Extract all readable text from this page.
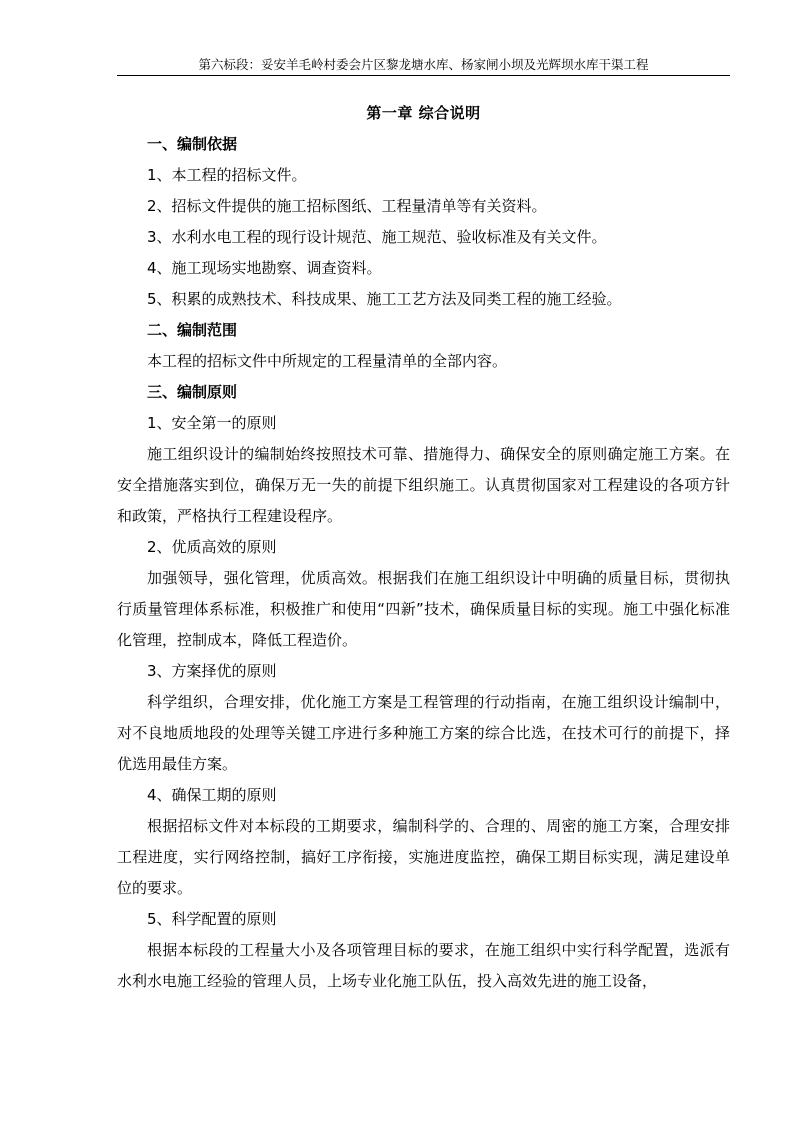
第六标段：妥安羊毛岭村委会片区黎龙塘水库、杨家闸小坝及光辉坝水库干渠工程
第一章 综合说明
一、编制依据
1、本工程的招标文件。
2、招标文件提供的施工招标图纸、工程量清单等有关资料。
3、水利水电工程的现行设计规范、施工规范、验收标准及有关文件。
4、施工现场实地勘察、调查资料。
5、积累的成熟技术、科技成果、施工工艺方法及同类工程的施工经验。
二、编制范围
本工程的招标文件中所规定的工程量清单的全部内容。
三、编制原则
1、安全第一的原则
施工组织设计的编制始终按照技术可靠、措施得力、确保安全的原则确定施工方案。在安全措施落实到位，确保万无一失的前提下组织施工。认真贯彻国家对工程建设的各项方针和政策，严格执行工程建设程序。
2、优质高效的原则
加强领导，强化管理，优质高效。根据我们在施工组织设计中明确的质量目标，贯彻执行质量管理体系标准，积极推广和使用“四新”技术，确保质量目标的实现。施工中强化标准化管理，控制成本，降低工程造价。
3、方案择优的原则
科学组织，合理安排，优化施工方案是工程管理的行动指南，在施工组织设计编制中，对不良地质地段的处理等关键工序进行多种施工方案的综合比选，在技术可行的前提下，择优选用最佳方案。
4、确保工期的原则
根据招标文件对本标段的工期要求，编制科学的、合理的、周密的施工方案，合理安排工程进度，实行网络控制，搞好工序衔接，实施进度监控，确保工期目标实现，满足建设单位的要求。
5、科学配置的原则
根据本标段的工程量大小及各项管理目标的要求，在施工组织中实行科学配置，选派有水利水电施工经验的管理人员，上场专业化施工队伍，投入高效先进的施工设备，
